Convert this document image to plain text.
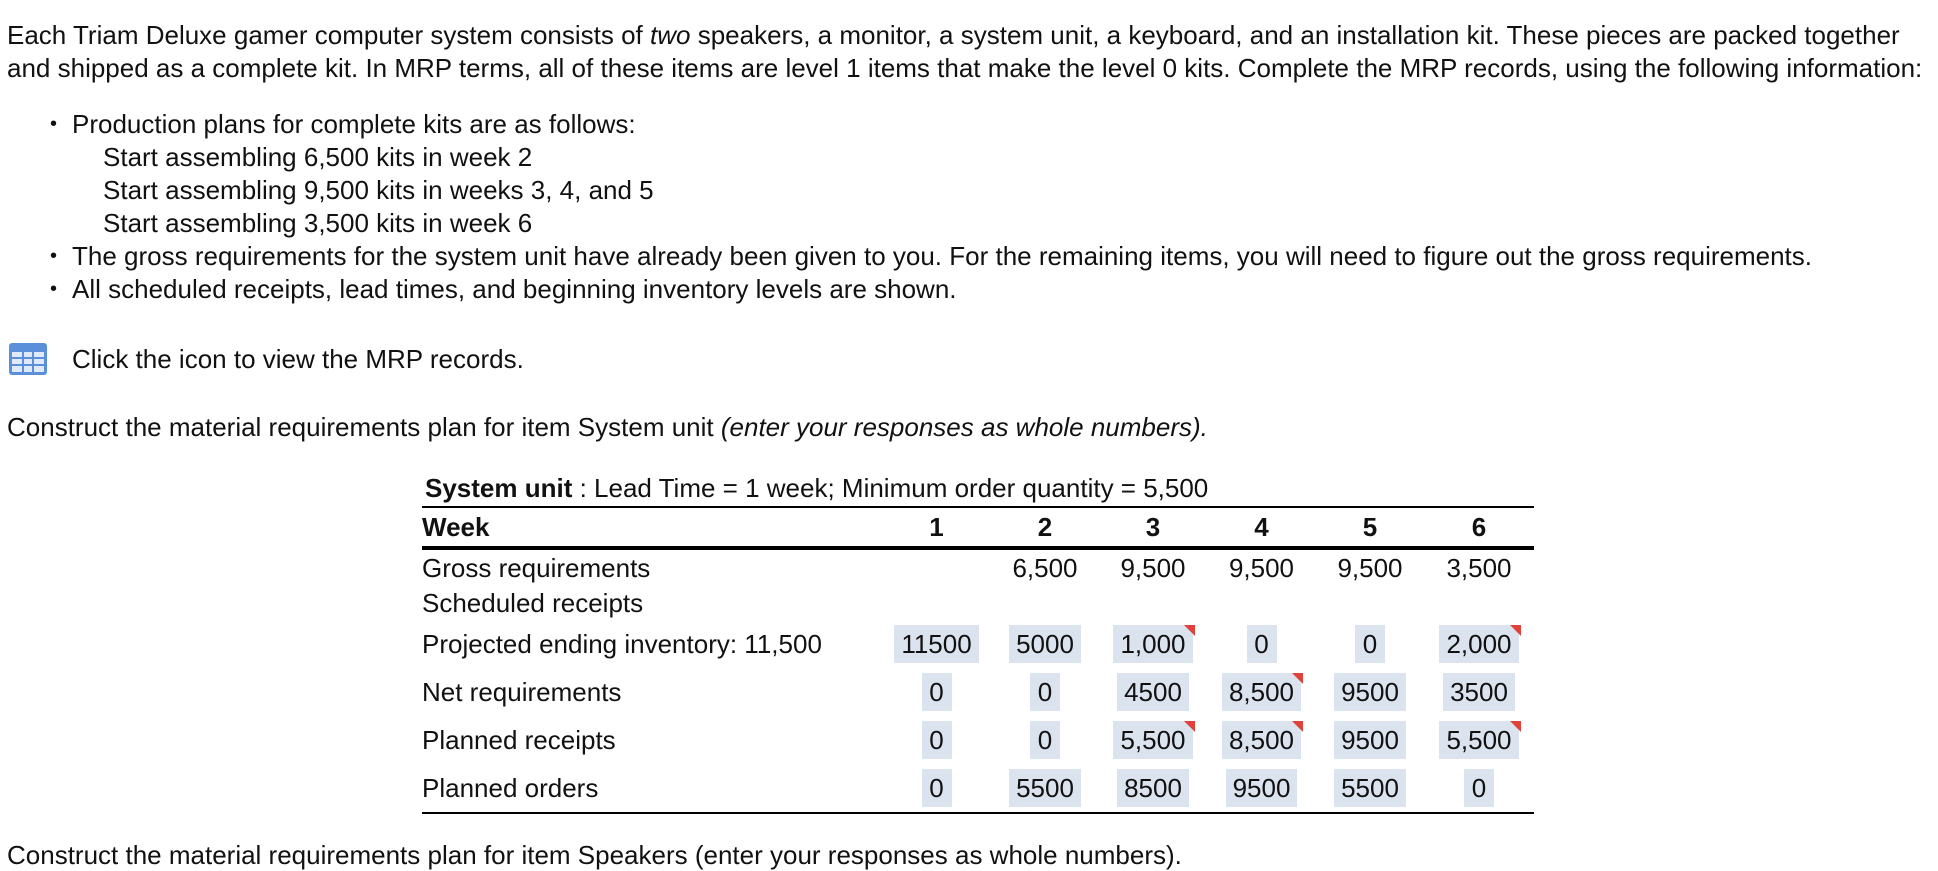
Each Triam Deluxe gamer computer system consists of two speakers, a monitor, a system unit, a keyboard, and an installation kit. These pieces are packed together
and shipped as a complete kit. In MRP terms, all of these items are level 1 items that make the level 0 kits. Complete the MRP records, using the following information:
• Production plans for complete kits are as follows:
Start assembling 6,500 kits in week 2
Start assembling 9,500 kits in weeks 3, 4, and 5
Start assembling 3,500 kits in week 6
• The gross requirements for the system unit have already been given to you. For the remaining items, you will need to figure out the gross requirements.
• All scheduled receipts, lead times, and beginning inventory levels are shown.
Click the icon to view the MRP records.
Construct the material requirements plan for item System unit (enter your responses as whole numbers).
System unit : Lead Time = 1 week; Minimum order quantity = 5,500
Week	1	2	3	4	5	6
Gross requirements		6,500	9,500	9,500	9,500	3,500
Scheduled receipts						
Projected ending inventory: 11,500	11500	5000	1,000	0	0	2,000
Net requirements	0	0	4500	8,500	9500	3500
Planned receipts	0	0	5,500	8,500	9500	5,500
Planned orders	0	5500	8500	9500	5500	0
Construct the material requirements plan for item Speakers (enter your responses as whole numbers).
